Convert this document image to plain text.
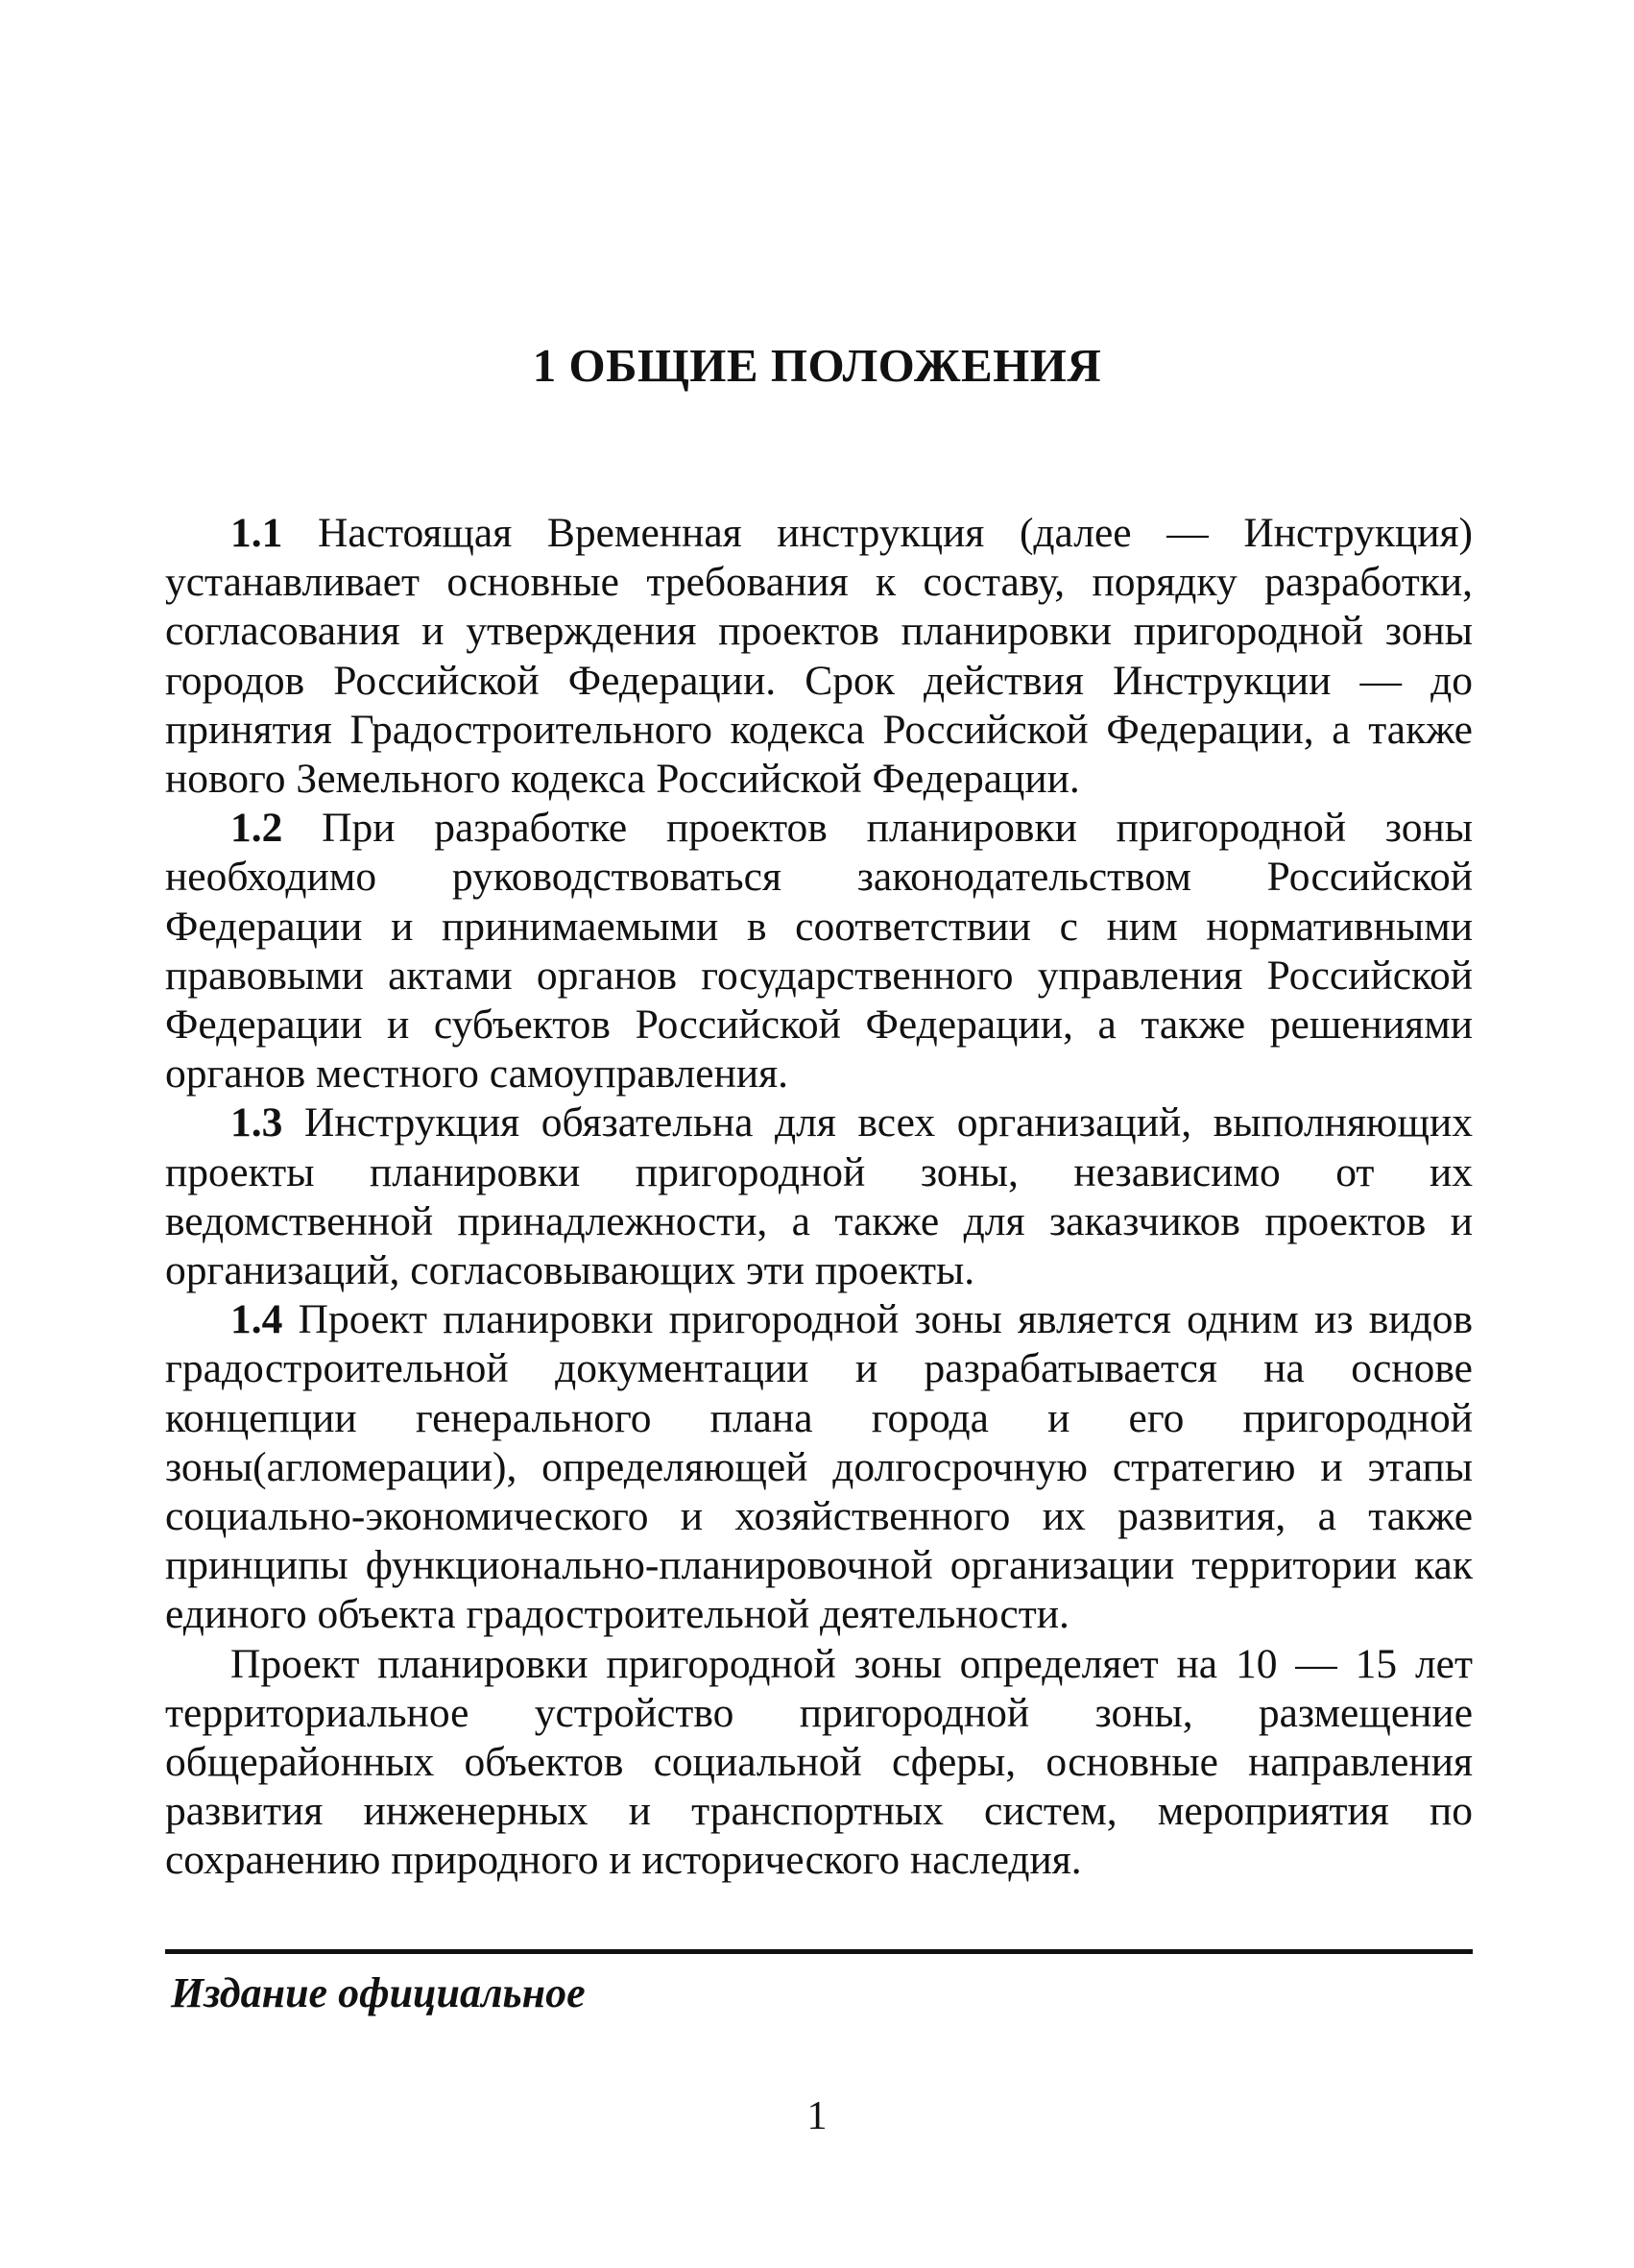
1 ОБЩИЕ ПОЛОЖЕНИЯ

1.1 Настоящая Временная инструкция (далее — Инструкция) устанавливает основные требования к составу, порядку разработки, согласования и утверждения проектов планировки пригородной зоны городов Российской Федерации. Срок действия Инструкции — до принятия Градостроительного кодекса Российской Федерации, а также нового Земельного кодекса Российской Федерации.

1.2 При разработке проектов планировки пригородной зоны необходимо руководствоваться законодательством Российской Федерации и принимаемыми в соответствии с ним нормативными правовыми актами органов государственного управления Российской Федерации и субъектов Российской Федерации, а также решениями органов местного самоуправления.

1.3 Инструкция обязательна для всех организаций, выполняющих проекты планировки пригородной зоны, независимо от их ведомственной принадлежности, а также для заказчиков проектов и организаций, согласовывающих эти проекты.

1.4 Проект планировки пригородной зоны является одним из видов градостроительной документации и разрабатывается на основе концепции генерального плана города и его пригородной зоны(агломерации), определяющей долгосрочную стратегию и этапы социально-экономического и хозяйственного их развития, а также принципы функционально-планировочной организации территории как единого объекта градостроительной деятельности.

Проект планировки пригородной зоны определяет на 10 — 15 лет территориальное устройство пригородной зоны, размещение общерайонных объектов социальной сферы, основные направления развития инженерных и транспортных систем, мероприятия по сохранению природного и исторического наследия.

Издание официальное
1
